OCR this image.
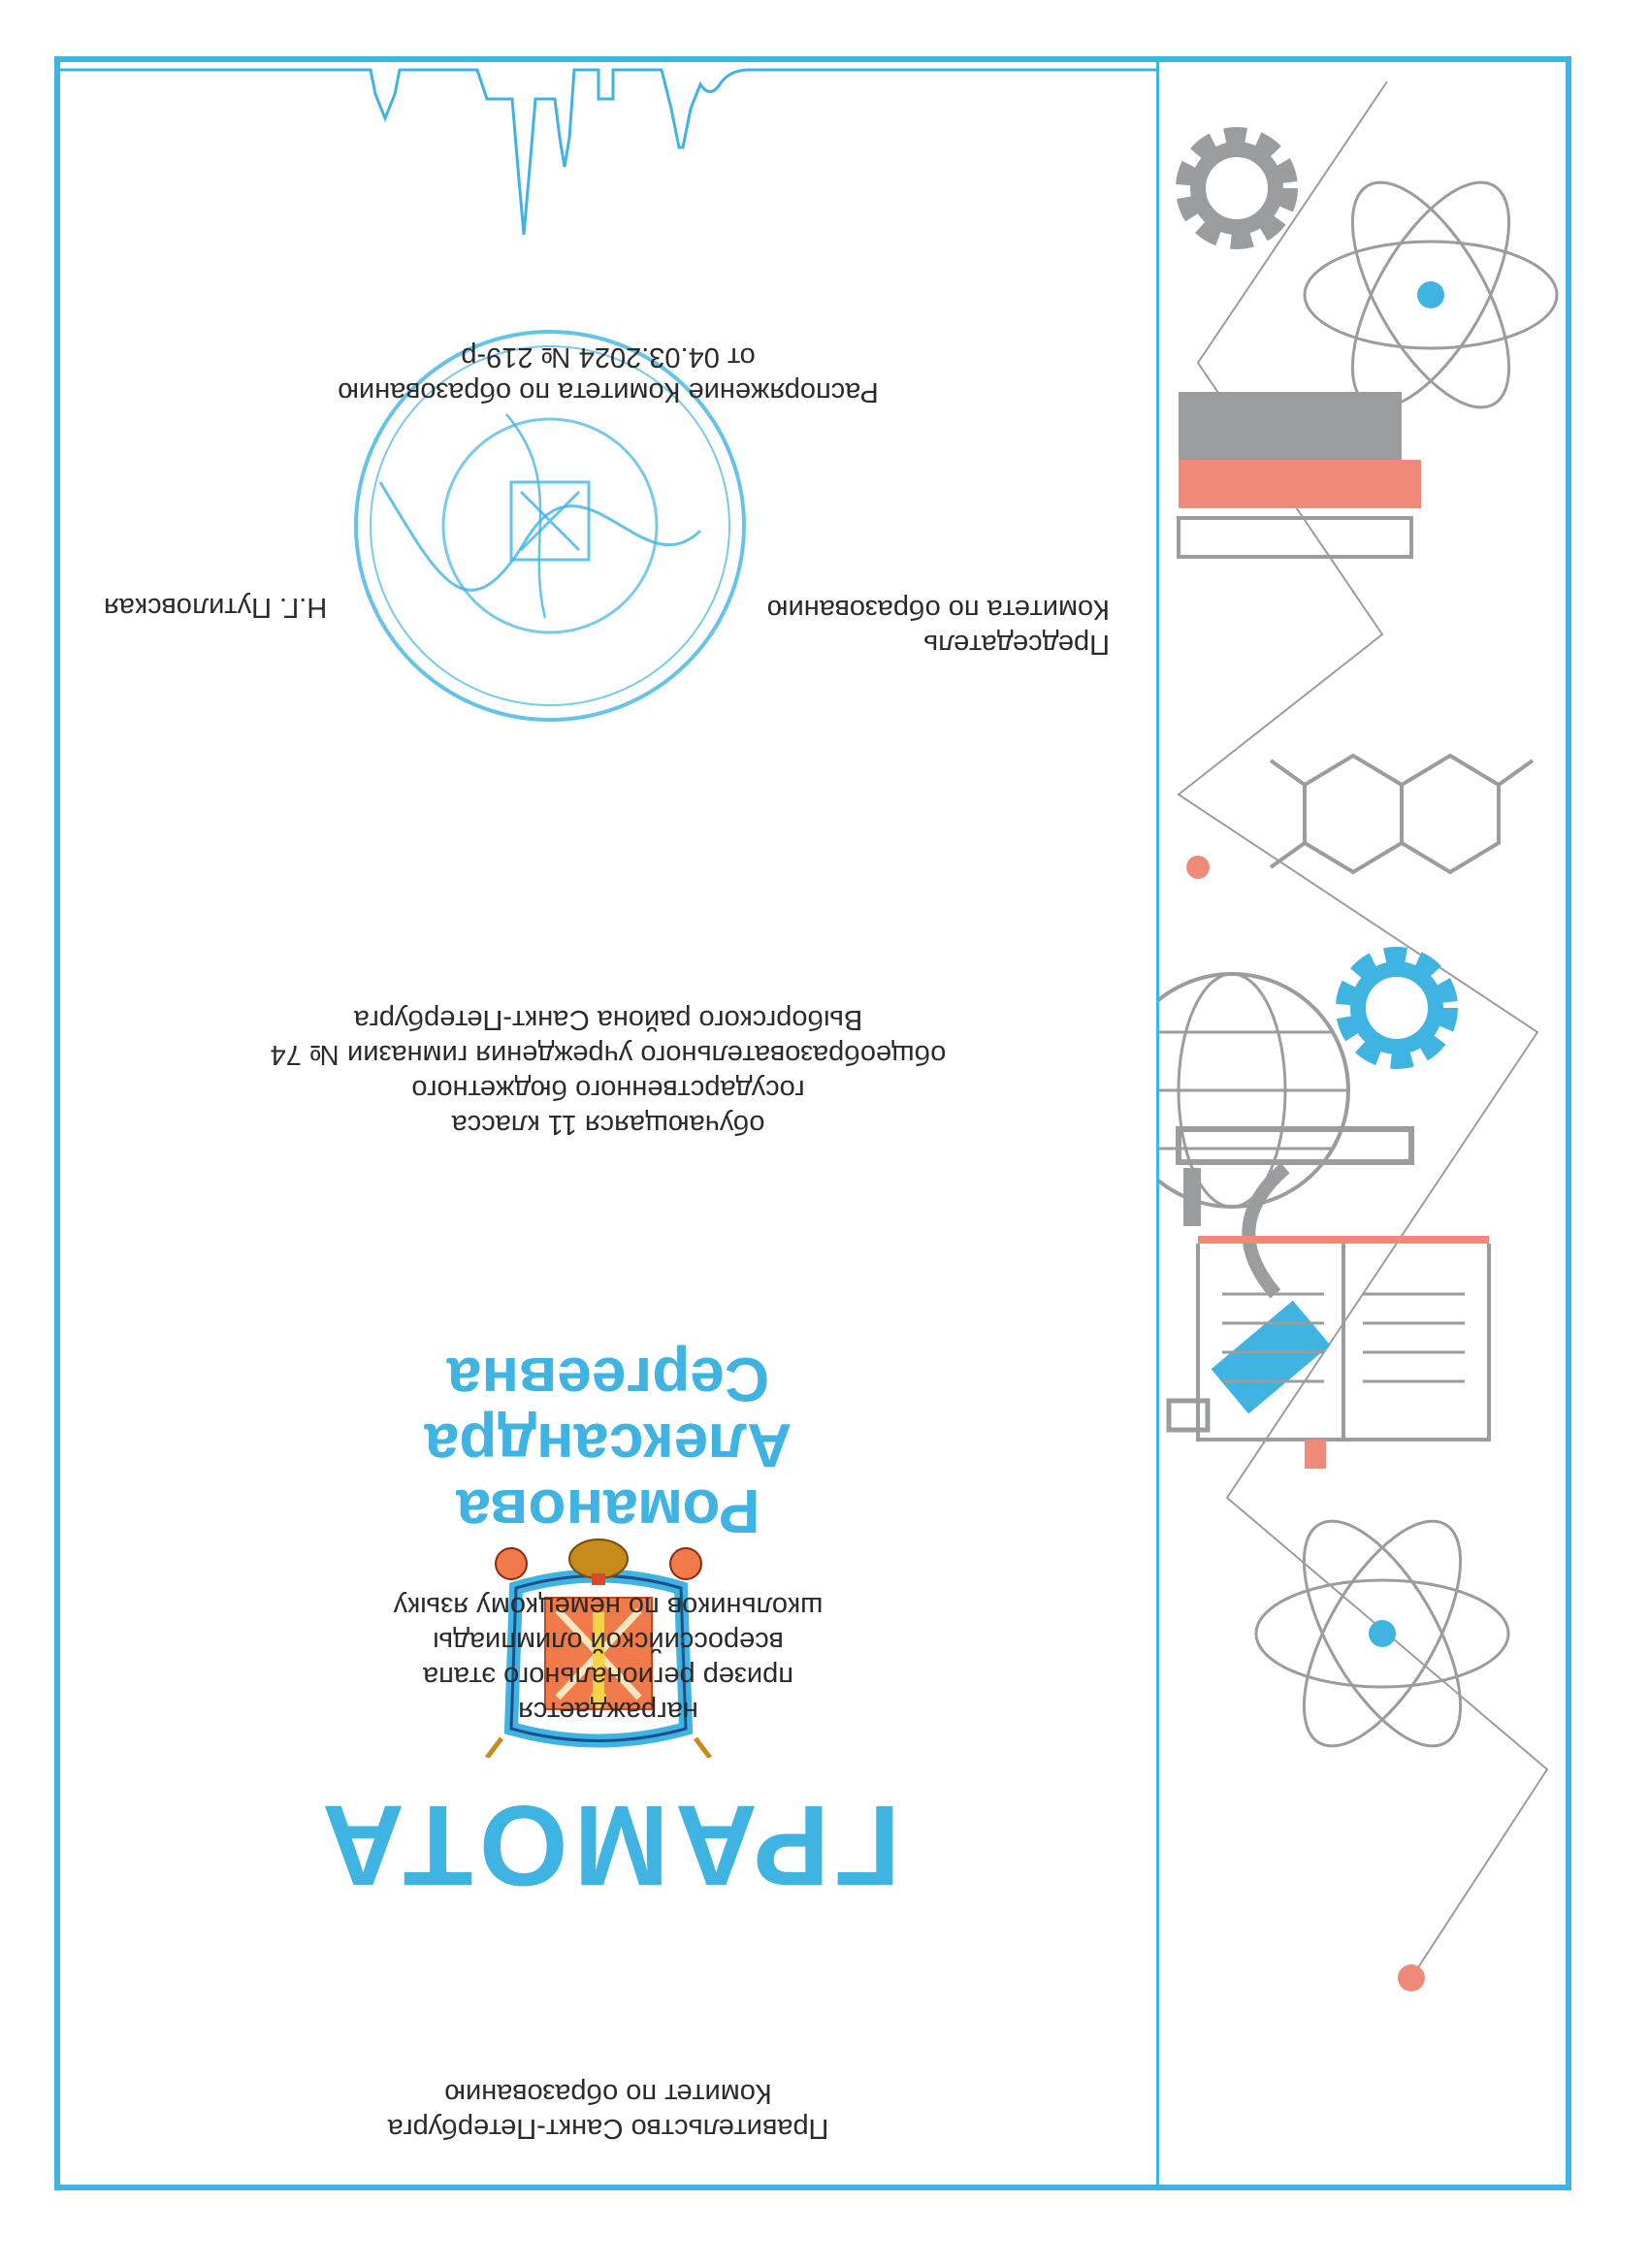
Правительство Санкт-Петербурга
Комитет по образованию
ГРАМОТА
награждается
призер регионального этапа
всероссийской олимпиады
школьников по немецкому языку
Романова
Александра
Сергеевна
обучающаяся 11 класса
государственного бюджетного
общеобразовательного учреждения гимназии № 74
Выборгского района Санкт-Петербурга
Председатель
Комитета по образованию
Н.Г. Путиловская
Распоряжение Комитета по образованию
от 04.03.2024 № 219-р
